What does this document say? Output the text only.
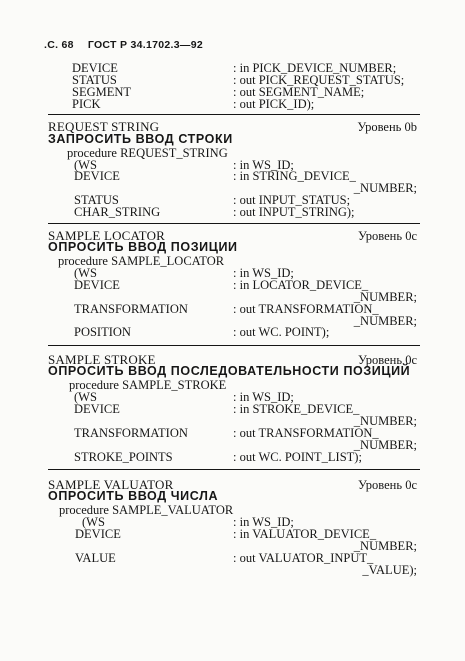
.С. 68 ГОСТ Р 34.1702.3—92
DEVICE	: in PICK_DEVICE_NUMBER;
STATUS	: out PICK_REQUEST_STATUS;
SEGMENT	: out SEGMENT_NAME;
PICK	: out PICK_ID);
REQUEST STRING	Уровень 0b
ЗАПРОСИТЬ ВВОД СТРОКИ
procedure REQUEST_STRING
(WS	: in WS_ID;
DEVICE	: in STRING_DEVICE_
_NUMBER;
STATUS	: out INPUT_STATUS;
CHAR_STRING	: out INPUT_STRING);
SAMPLE LOCATOR	Уровень 0с
ОПРОСИТЬ ВВОД ПОЗИЦИИ
procedure SAMPLE_LOCATOR
(WS	: in WS_ID;
DEVICE	: in LOCATOR_DEVICE_
_NUMBER;
TRANSFORMATION	: out TRANSFORMATION_
_NUMBER;
POSITION	: out WC. POINT);
SAMPLE STROKE	Уровень 0с
ОПРОСИТЬ ВВОД ПОСЛЕДОВАТЕЛЬНОСТИ ПОЗИЦИЙ
procedure SAMPLE_STROKE
(WS	: in WS_ID;
DEVICE	: in STROKE_DEVICE_
_NUMBER;
TRANSFORMATION	: out TRANSFORMATION_
_NUMBER;
STROKE_POINTS	: out WC. POINT_LIST);
SAMPLE VALUATOR	Уровень 0с
ОПРОСИТЬ ВВОД ЧИСЛА
procedure SAMPLE_VALUATOR
(WS	: in WS_ID;
DEVICE	: in VALUATOR_DEVICE_
_NUMBER;
VALUE	: out VALUATOR_INPUT_
_VALUE);
